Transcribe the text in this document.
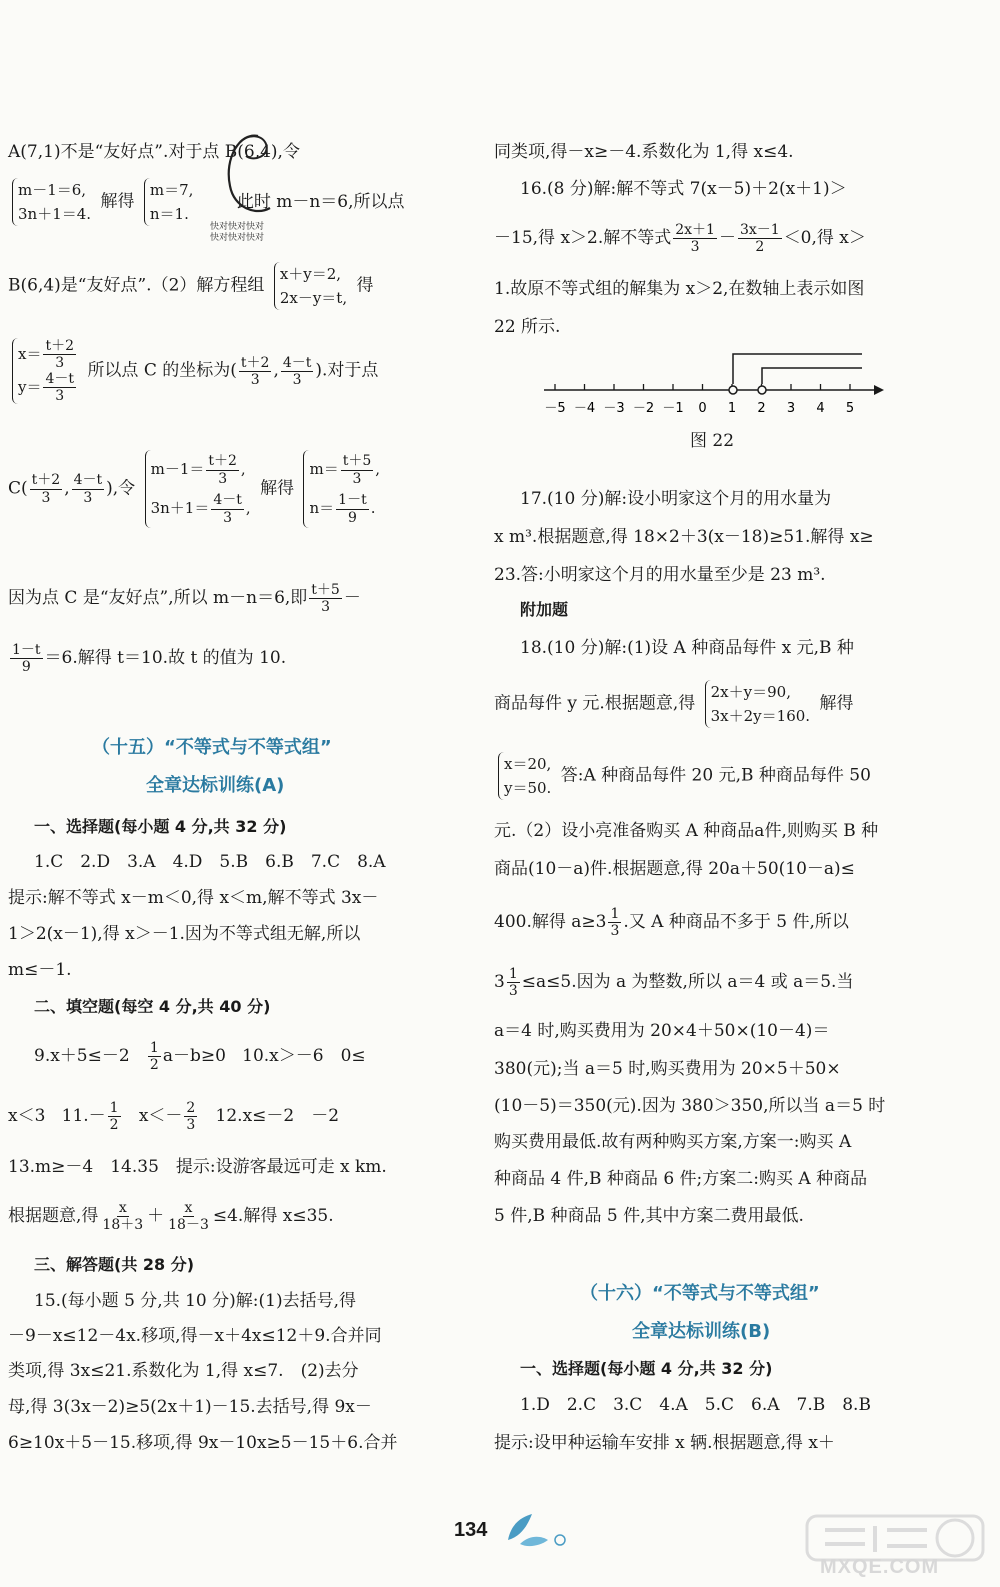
A(7,1)不是“友好点”.对于点 B(6,4),令
m－1＝6,
3n＋1＝4. 解得 m＝7,
n＝1. 此时 m－n＝6,所以点
B(6,4)是“友好点”.（2）解方程组 x＋y＝2,
2x－y＝t, 得
$x= \frac{t+2}{3}$

$y= \frac{4-t}{3}$
所以点 C 的坐标为( $\frac{t+2}{3}$ , $\frac{4-t}{3}$ ).对于点
$C( \frac{t+2}{3}$ , $\frac{4-t}{3}$ ),令 $m-1= \frac{t+2}{3}$ ,
$3n+1= \frac{4-t}{3}$ , 解得 $m= \frac{t+5}{3}$ ,
$n= \frac{1-t}{9}$ .
因为点 C 是“友好点”,所以 m－n＝6,即 $\frac{t+5}{3}$ －
$\frac{1-t}{9} =6$.解得 t＝10.故 t 的值为 10.
（十五）“不等式与不等式组”
全章达标训练(A)
一、选择题(每小题 4 分,共 32 分)
1.C　2.D　3.A　4.D　5.B　6.B　7.C　8.A
提示:解不等式 x－m＜0,得 x＜m,解不等式 3x－
1＞2(x－1),得 x＞－1.因为不等式组无解,所以
m≤－1.
二、填空题(每空 4 分,共 40 分)
$9.x+5\le-2 \frac{1}{2} a-b\ge 0$ 10.x＞－6　0≤
x＜3 $11.- \frac{1}{2} x<- \frac{2}{3} 12.x\le-2$　－2
13.m≥－4　14.35　提示:设游客最远可走 x km.
根据题意,得 $\frac{x}{18+3} + \frac{x}{18-3} \le 4$.解得 x≤35.
三、解答题(共 28 分)
15.(每小题 5 分,共 10 分)解:(1)去括号,得
－9－x≤12－4x.移项,得－x＋4x≤12＋9.合并同
类项,得 3x≤21.系数化为 1,得 x≤7.　(2)去分
母,得 3(3x－2)≥5(2x＋1)－15.去括号,得 9x－
6≥10x＋5－15.移项,得 9x－10x≥5－15＋6.合并
快对快对快对
快对快对快对
同类项,得－x≥－4.系数化为 1,得 x≤4.
16.(8 分)解:解不等式 7(x－5)＋2(x＋1)＞
－15,得 x＞2.解不等式 $\frac{2x+1}{3} - \frac{3x-1}{2} <0$,得 x＞
1.故原不等式组的解集为 x＞2,在数轴上表示如图
22 所示.
－5 －4 －3 －2 －1 0 1 2 3 4 5
图 22
17.(10 分)解:设小明家这个月的用水量为
x m³.根据题意,得 18×2＋3(x－18)≥51.解得 x≥
23.答:小明家这个月的用水量至少是 23 m³.
附加题
18.(10 分)解:(1)设 A 种商品每件 x 元,B 种
商品每件 y 元.根据题意,得 2x＋y＝90,
3x＋2y＝160. 解得
x＝20,
y＝50. 答:A 种商品每件 20 元,B 种商品每件 50
元.（2）设小亮准备购买 A 种商品a件,则购买 B 种
商品(10－a)件.根据题意,得 20a＋50(10－a)≤
400.解得 $a\ge 3 \frac{1}{3}$ .又 A 种商品不多于 5 件,所以
$3 \frac{1}{3} \le a\le 5$.因为 a 为整数,所以 a＝4 或 a＝5.当
a＝4 时,购买费用为 20×4＋50×(10－4)＝
380(元);当 a＝5 时,购买费用为 20×5＋50×
(10－5)＝350(元).因为 380＞350,所以当 a＝5 时
购买费用最低.故有两种购买方案,方案一:购买 A
种商品 4 件,B 种商品 6 件;方案二:购买 A 种商品
5 件,B 种商品 5 件,其中方案二费用最低.
（十六）“不等式与不等式组”
全章达标训练(B)
一、选择题(每小题 4 分,共 32 分)
1.D　2.C　3.C　4.A　5.C　6.A　7.B　8.B
提示:设甲种运输车安排 x 辆.根据题意,得 x＋
134
MXQE.COM
